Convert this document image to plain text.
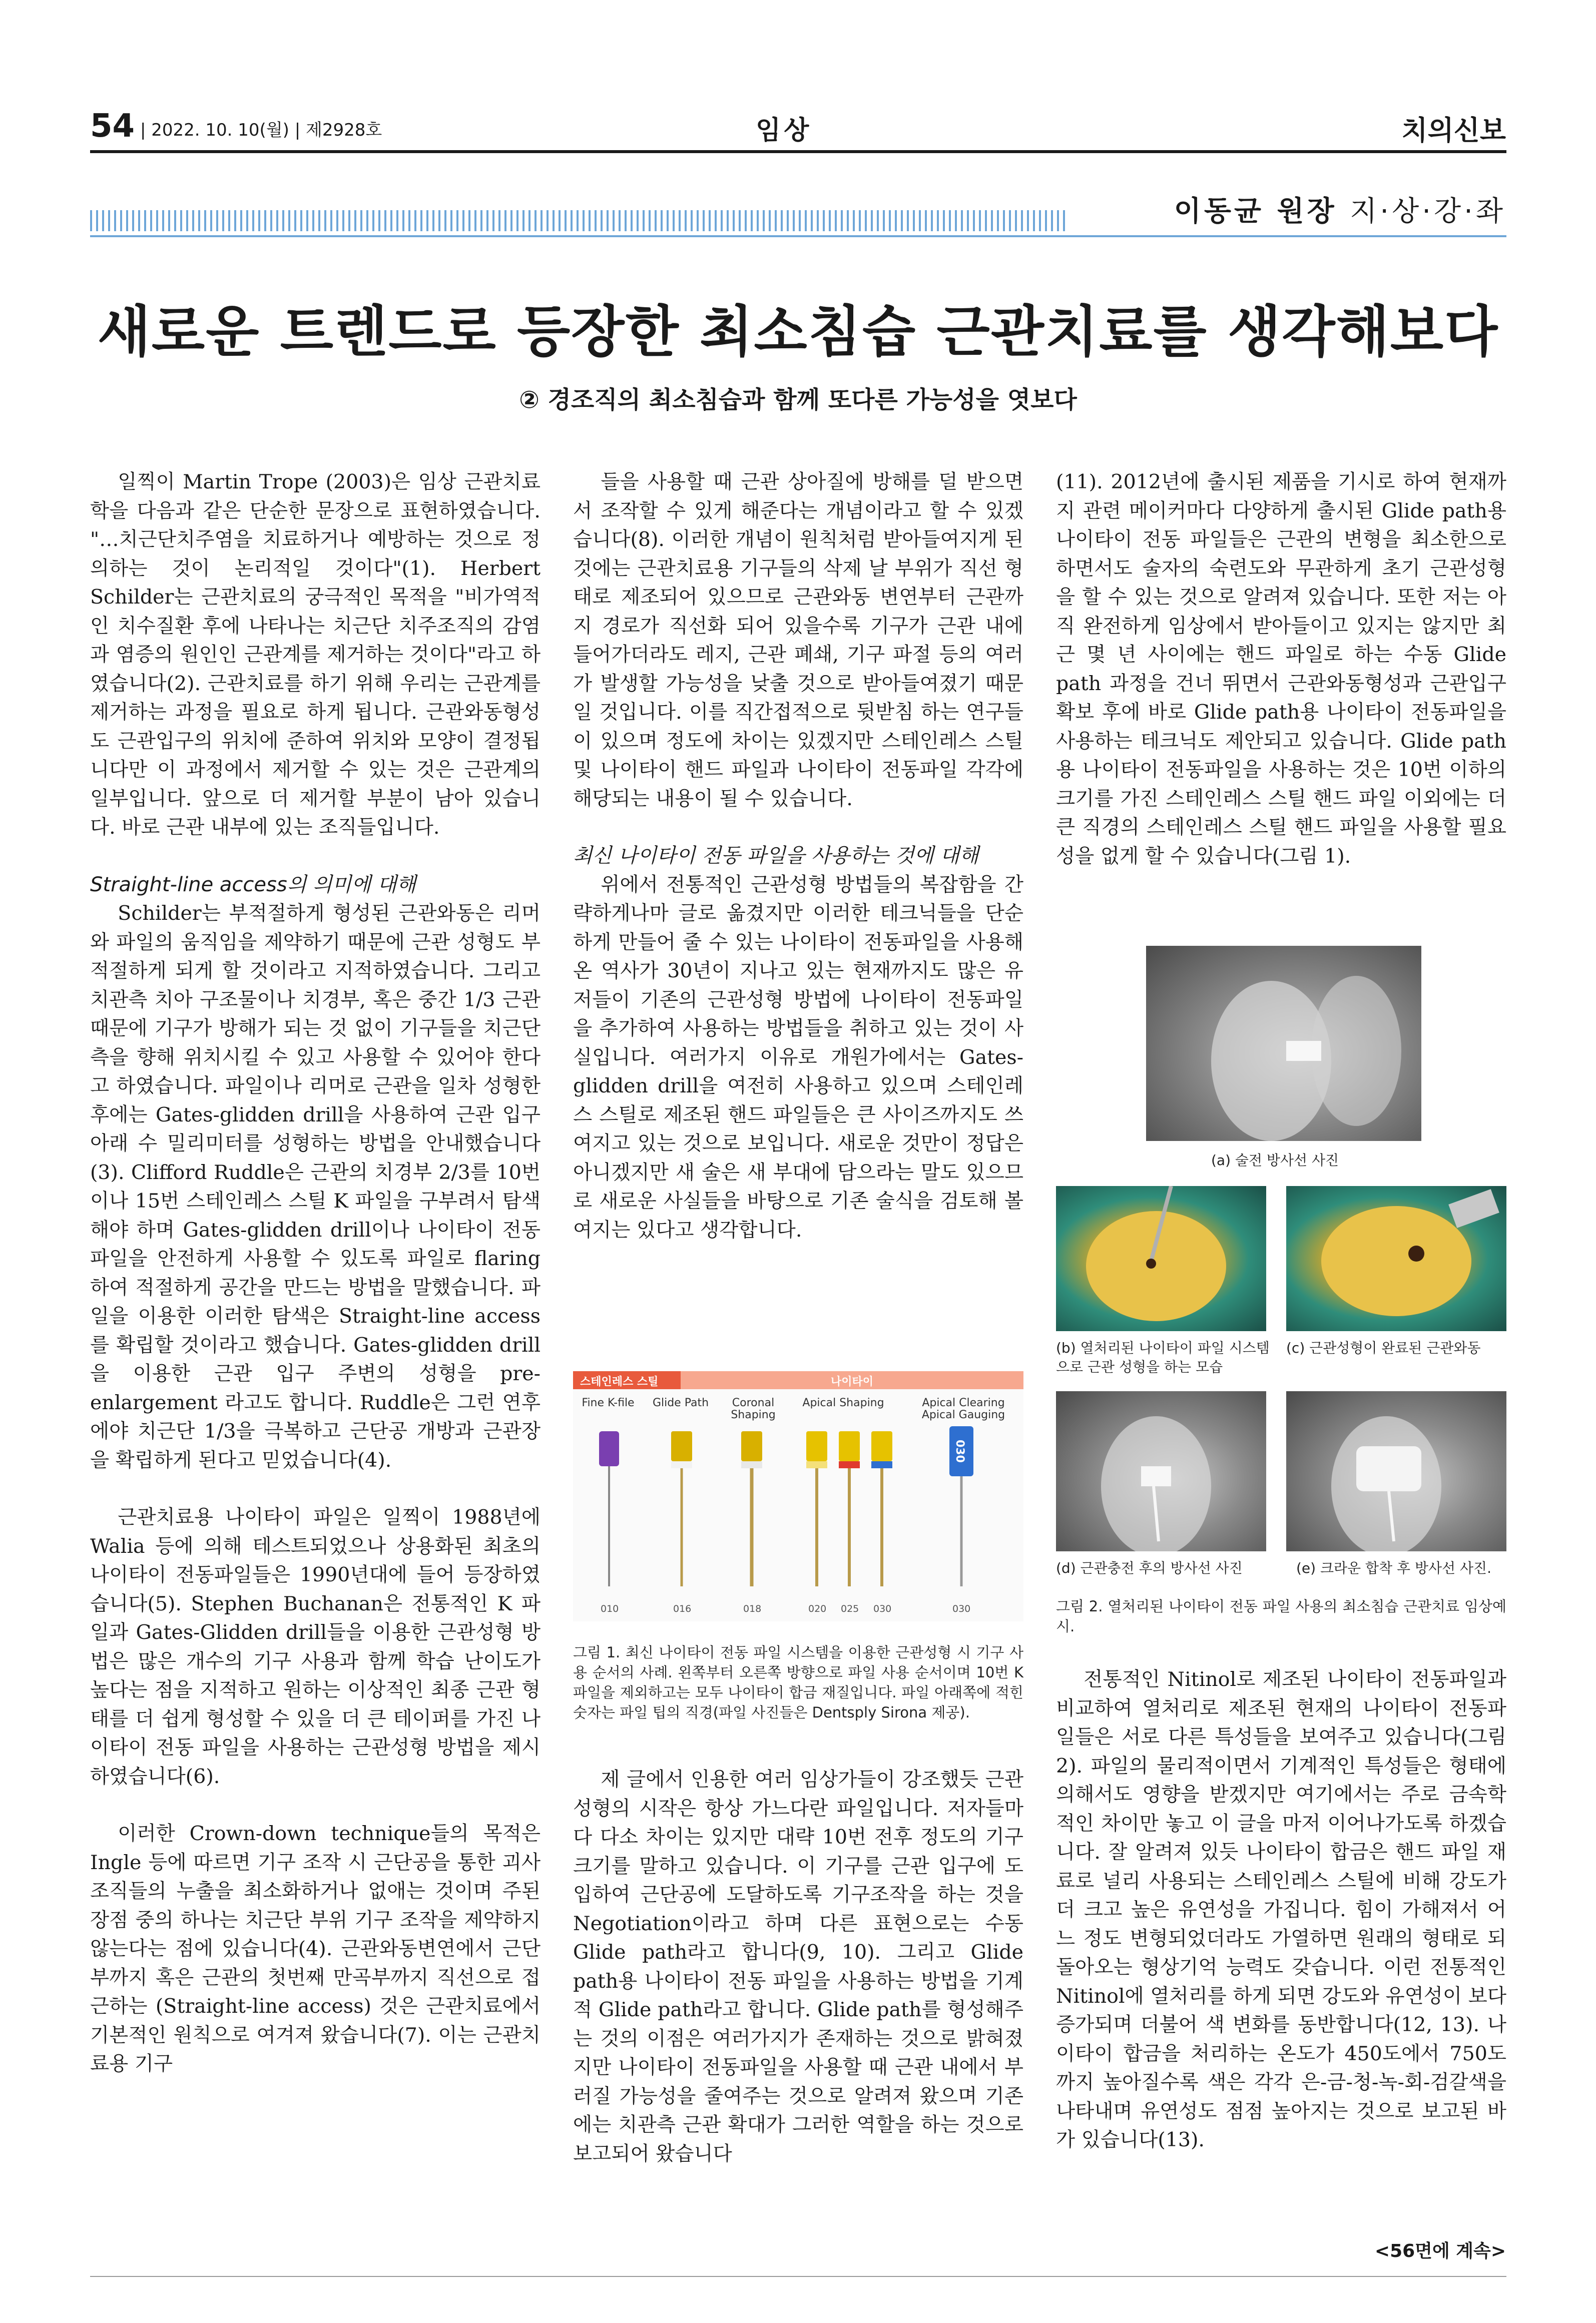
54 | 2022. 10. 10(월) | 제2928호	임상	치의신보
이동균 원장 지·상·강·좌
새로운 트렌드로 등장한 최소침습 근관치료를 생각해보다
② 경조직의 최소침습과 함께 또다른 가능성을 엿보다

일찍이 Martin Trope (2003)은 임상 근관치료학을 다음과 같은 단순한 문장으로 표현하였습니다. "…치근단치주염을 치료하거나 예방하는 것으로 정의하는 것이 논리적일 것이다"(1). Herbert Schilder는 근관치료의 궁극적인 목적을 "비가역적인 치수질환 후에 나타나는 치근단 치주조직의 감염과 염증의 원인인 근관계를 제거하는 것이다"라고 하였습니다(2). 근관치료를 하기 위해 우리는 근관계를 제거하는 과정을 필요로 하게 됩니다. 근관와동형성도 근관입구의 위치에 준하여 위치와 모양이 결정됩니다만 이 과정에서 제거할 수 있는 것은 근관계의 일부입니다. 앞으로 더 제거할 부분이 남아 있습니다. 바로 근관 내부에 있는 조직들입니다.

Straight-line access의 의미에 대해

Schilder는 부적절하게 형성된 근관와동은 리머와 파일의 움직임을 제약하기 때문에 근관 성형도 부적절하게 되게 할 것이라고 지적하였습니다. 그리고 치관측 치아 구조물이나 치경부, 혹은 중간 1/3 근관 때문에 기구가 방해가 되는 것 없이 기구들을 치근단측을 향해 위치시킬 수 있고 사용할 수 있어야 한다고 하였습니다. 파일이나 리머로 근관을 일차 성형한 후에는 Gates-glidden drill을 사용하여 근관 입구 아래 수 밀리미터를 성형하는 방법을 안내했습니다(3). Clifford Ruddle은 근관의 치경부 2/3를 10번이나 15번 스테인레스 스틸 K 파일을 구부려서 탐색해야 하며 Gates-glidden drill이나 나이타이 전동 파일을 안전하게 사용할 수 있도록 파일로 flaring 하여 적절하게 공간을 만드는 방법을 말했습니다. 파일을 이용한 이러한 탐색은 Straight-line access를 확립할 것이라고 했습니다. Gates-glidden drill을 이용한 근관 입구 주변의 성형을 pre-enlargement 라고도 합니다. Ruddle은 그런 연후에야 치근단 1/3을 극복하고 근단공 개방과 근관장을 확립하게 된다고 믿었습니다(4).

근관치료용 나이타이 파일은 일찍이 1988년에 Walia 등에 의해 테스트되었으나 상용화된 최초의 나이타이 전동파일들은 1990년대에 들어 등장하였습니다(5). Stephen Buchanan은 전통적인 K 파일과 Gates-Glidden drill들을 이용한 근관성형 방법은 많은 개수의 기구 사용과 함께 학습 난이도가 높다는 점을 지적하고 원하는 이상적인 최종 근관 형태를 더 쉽게 형성할 수 있을 더 큰 테이퍼를 가진 나이타이 전동 파일을 사용하는 근관성형 방법을 제시하였습니다(6).

이러한 Crown-down technique들의 목적은 Ingle 등에 따르면 기구 조작 시 근단공을 통한 괴사 조직들의 누출을 최소화하거나 없애는 것이며 주된 장점 중의 하나는 치근단 부위 기구 조작을 제약하지 않는다는 점에 있습니다(4). 근관와동변연에서 근단부까지 혹은 근관의 첫번째 만곡부까지 직선으로 접근하는 (Straight-line access) 것은 근관치료에서 기본적인 원칙으로 여겨져 왔습니다(7). 이는 근관치료용 기구

들을 사용할 때 근관 상아질에 방해를 덜 받으면서 조작할 수 있게 해준다는 개념이라고 할 수 있겠습니다(8). 이러한 개념이 원칙처럼 받아들여지게 된 것에는 근관치료용 기구들의 삭제 날 부위가 직선 형태로 제조되어 있으므로 근관와동 변연부터 근관까지 경로가 직선화 되어 있을수록 기구가 근관 내에 들어가더라도 레지, 근관 폐쇄, 기구 파절 등의 여러가 발생할 가능성을 낮출 것으로 받아들여졌기 때문일 것입니다. 이를 직간접적으로 뒷받침 하는 연구들이 있으며 정도에 차이는 있겠지만 스테인레스 스틸 및 나이타이 핸드 파일과 나이타이 전동파일 각각에 해당되는 내용이 될 수 있습니다.

최신 나이타이 전동 파일을 사용하는 것에 대해

위에서 전통적인 근관성형 방법들의 복잡함을 간략하게나마 글로 옮겼지만 이러한 테크닉들을 단순하게 만들어 줄 수 있는 나이타이 전동파일을 사용해 온 역사가 30년이 지나고 있는 현재까지도 많은 유저들이 기존의 근관성형 방법에 나이타이 전동파일을 추가하여 사용하는 방법들을 취하고 있는 것이 사실입니다. 여러가지 이유로 개원가에서는 Gates-glidden drill을 여전히 사용하고 있으며 스테인레스 스틸로 제조된 핸드 파일들은 큰 사이즈까지도 쓰여지고 있는 것으로 보입니다. 새로운 것만이 정답은 아니겠지만 새 술은 새 부대에 담으라는 말도 있으므로 새로운 사실들을 바탕으로 기존 술식을 검토해 볼 여지는 있다고 생각합니다.

스테인레스 스틸	나이타이
Fine K-file	Glide Path	Coronal Shaping
Apical Shaping	Apical Clearing Apical Gauging
030
010	016	018	020 025 030	030
그림 1. 최신 나이타이 전동 파일 시스템을 이용한 근관성형 시 기구 사용 순서의 사례. 왼쪽부터 오른쪽 방향으로 파일 사용 순서이며 10번 K파일을 제외하고는 모두 나이타이 합금 재질입니다. 파일 아래쪽에 적힌 숫자는 파일 팁의 직경(파일 사진들은 Dentsply Sirona 제공).

제 글에서 인용한 여러 임상가들이 강조했듯 근관성형의 시작은 항상 가느다란 파일입니다. 저자들마다 다소 차이는 있지만 대략 10번 전후 정도의 기구 크기를 말하고 있습니다. 이 기구를 근관 입구에 도입하여 근단공에 도달하도록 기구조작을 하는 것을 Negotiation이라고 하며 다른 표현으로는 수동 Glide path라고 합니다(9, 10). 그리고 Glide path용 나이타이 전동 파일을 사용하는 방법을 기계적 Glide path라고 합니다. Glide path를 형성해주는 것의 이점은 여러가지가 존재하는 것으로 밝혀졌지만 나이타이 전동파일을 사용할 때 근관 내에서 부러질 가능성을 줄여주는 것으로 알려져 왔으며 기존에는 치관측 근관 확대가 그러한 역할을 하는 것으로 보고되어 왔습니다

(11). 2012년에 출시된 제품을 기시로 하여 현재까지 관련 메이커마다 다양하게 출시된 Glide path용 나이타이 전동 파일들은 근관의 변형을 최소한으로 하면서도 술자의 숙련도와 무관하게 초기 근관성형을 할 수 있는 것으로 알려져 있습니다. 또한 저는 아직 완전하게 임상에서 받아들이고 있지는 않지만 최근 몇 년 사이에는 핸드 파일로 하는 수동 Glide path 과정을 건너 뛰면서 근관와동형성과 근관입구 확보 후에 바로 Glide path용 나이타이 전동파일을 사용하는 테크닉도 제안되고 있습니다. Glide path용 나이타이 전동파일을 사용하는 것은 10번 이하의 크기를 가진 스테인레스 스틸 핸드 파일 이외에는 더 큰 직경의 스테인레스 스틸 핸드 파일을 사용할 필요성을 없게 할 수 있습니다(그림 1).

(a) 술전 방사선 사진
(b) 열처리된 나이타이 파일 시스템으로 근관 성형을 하는 모습
(c) 근관성형이 완료된 근관와동
(d) 근관충전 후의 방사선 사진	(e) 크라운 합착 후 방사선 사진.
그림 2. 열처리된 나이타이 전동 파일 사용의 최소침습 근관치료 임상예시.

전통적인 Nitinol로 제조된 나이타이 전동파일과 비교하여 열처리로 제조된 현재의 나이타이 전동파일들은 서로 다른 특성들을 보여주고 있습니다(그림 2). 파일의 물리적이면서 기계적인 특성들은 형태에 의해서도 영향을 받겠지만 여기에서는 주로 금속학적인 차이만 놓고 이 글을 마저 이어나가도록 하겠습니다. 잘 알려져 있듯 나이타이 합금은 핸드 파일 재료로 널리 사용되는 스테인레스 스틸에 비해 강도가 더 크고 높은 유연성을 가집니다. 힘이 가해져서 어느 정도 변형되었더라도 가열하면 원래의 형태로 되돌아오는 형상기억 능력도 갖습니다. 이런 전통적인 Nitinol에 열처리를 하게 되면 강도와 유연성이 보다 증가되며 더불어 색 변화를 동반합니다(12, 13). 나이타이 합금을 처리하는 온도가 450도에서 750도까지 높아질수록 색은 각각 은-금-청-녹-회-검갈색을 나타내며 유연성도 점점 높아지는 것으로 보고된 바가 있습니다(13).

<56면에 계속>
